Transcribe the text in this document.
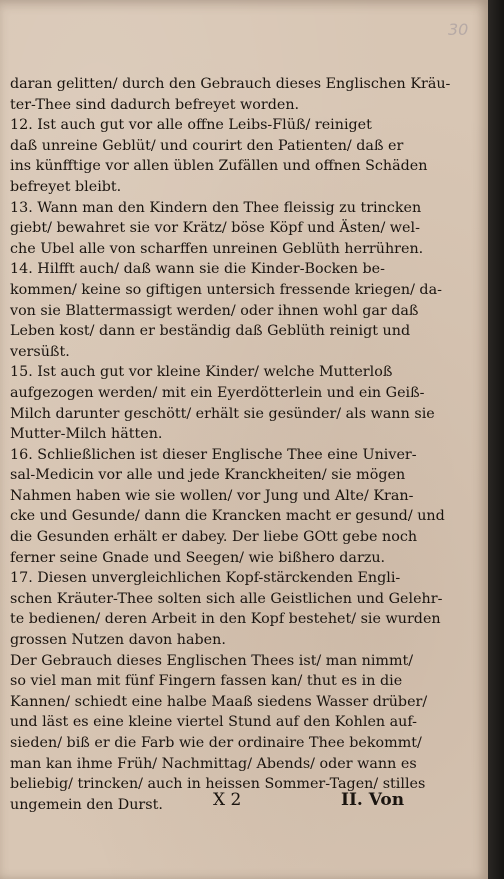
30

daran gelitten/ durch den Gebrauch dieses Englischen Kräu-

ter-Thee sind dadurch befreyet worden.

12. Ist auch gut vor alle offne Leibs-Flüß/ reiniget

daß unreine Geblüt/ und courirt den Patienten/ daß er

ins künfftige vor allen üblen Zufällen und offnen Schäden

befreyet bleibt.

13. Wann man den Kindern den Thee fleissig zu trincken

giebt/ bewahret sie vor Krätz/ böse Köpf und Ästen/ wel-

che Ubel alle von scharffen unreinen Geblüth herrühren.

14. Hilfft auch/ daß wann sie die Kinder-Bocken be-

kommen/ keine so giftigen untersich fressende kriegen/ da-

von sie Blattermassigt werden/ oder ihnen wohl gar daß

Leben kost/ dann er beständig daß Geblüth reinigt und

versüßt.

15. Ist auch gut vor kleine Kinder/ welche Mutterloß

aufgezogen werden/ mit ein Eyerdötterlein und ein Geiß-

Milch darunter geschött/ erhält sie gesünder/ als wann sie

Mutter-Milch hätten.

16. Schließlichen ist dieser Englische Thee eine Univer-

sal-Medicin vor alle und jede Kranckheiten/ sie mögen

Nahmen haben wie sie wollen/ vor Jung und Alte/ Kran-

cke und Gesunde/ dann die Krancken macht er gesund/ und

die Gesunden erhält er dabey. Der liebe GOtt gebe noch

ferner seine Gnade und Seegen/ wie bißhero darzu.

17. Diesen unvergleichlichen Kopf-stärckenden Engli-

schen Kräuter-Thee solten sich alle Geistlichen und Gelehr-

te bedienen/ deren Arbeit in den Kopf bestehet/ sie wurden

grossen Nutzen davon haben.

Der Gebrauch dieses Englischen Thees ist/ man nimmt/

so viel man mit fünf Fingern fassen kan/ thut es in die

Kannen/ schiedt eine halbe Maaß siedens Wasser drüber/

und läst es eine kleine viertel Stund auf den Kohlen auf-

sieden/ biß er die Farb wie der ordinaire Thee bekommt/

man kan ihme Früh/ Nachmittag/ Abends/ oder wann es

beliebig/ trincken/ auch in heissen Sommer-Tagen/ stilles

ungemein den Durst.	X 2	II. Von
